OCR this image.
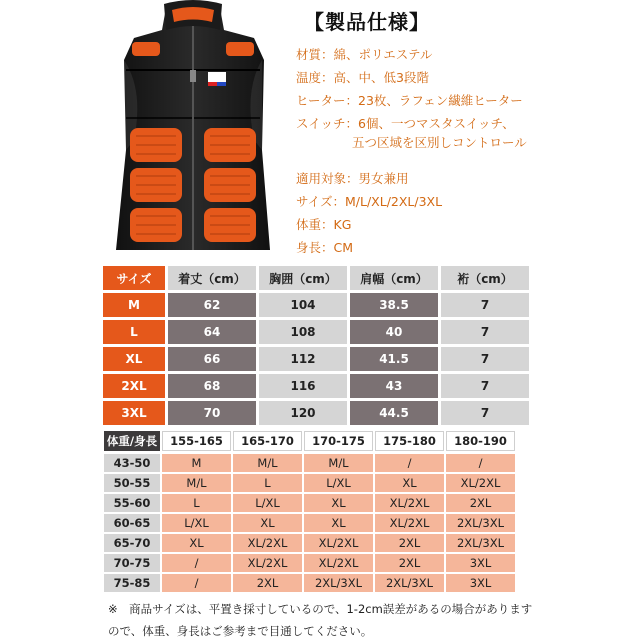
【製品仕様】
材質：綿、ポリエステル
温度：高、中、低3段階
ヒーター：23枚、ラフェン繊維ヒーター
スイッチ：6個、一つマスタスイッチ、
五つ区域を区別しコントロール
適用対象：男女兼用
サイズ：M/L/XL/2XL/3XL
体重：KG
身長：CM
サイズ	着丈（cm）	胸囲（cm）	肩幅（cm）	裄（cm）
M	62	104	38.5	7
L	64	108	40	7
XL	66	112	41.5	7
2XL	68	116	43	7
3XL	70	120	44.5	7
体重/身長	155-165	165-170	170-175	175-180	180-190
43-50	M	M/L	M/L	/	/
50-55	M/L	L	L/XL	XL	XL/2XL
55-60	L	L/XL	XL	XL/2XL	2XL
60-65	L/XL	XL	XL	XL/2XL	2XL/3XL
65-70	XL	XL/2XL	XL/2XL	2XL	2XL/3XL
70-75	/	XL/2XL	XL/2XL	2XL	3XL
75-85	/	2XL	2XL/3XL	2XL/3XL	3XL
※　商品サイズは、平置き採寸しているので、1-2cm誤差があるの場合があります
ので、体重、身長はご参考まで目通してください。
